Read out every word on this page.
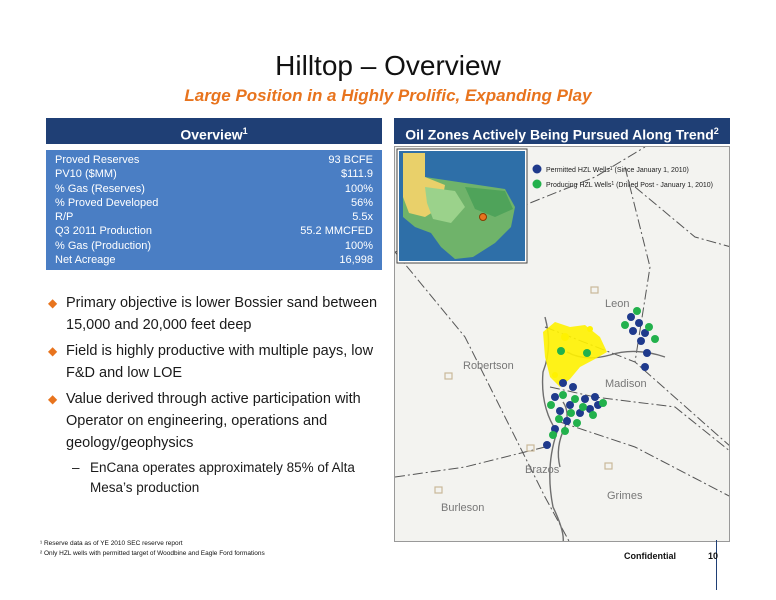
Hilltop – Overview
Large Position in a Highly Prolific, Expanding Play
Overview$^1$	Oil Zones Actively Being Pursued Along Trend$^2$
Proved Reserves	93 BCFE
PV10 ($MM)	$111.9
% Gas (Reserves)	100%
% Proved Developed	56%
R/P	5.5x
Q3 2011 Production	55.2 MMCFED
% Gas (Production)	100%
Net Acreage	16,998
◆ Primary objective is lower Bossier sand between 15,000 and 20,000 feet deep
◆ Field is highly productive with multiple pays, low F&D and low LOE
◆ Value derived through active participation with Operator on engineering, operations and geology/geophysics
– EnCana operates approximately 85% of Alta Mesa’s production
Leon
Robertson
Madison
Brazos
Grimes
Burleson
Permitted HZL Wells$^1$ (Since January 1, 2010)
Producing HZL Wells$^1$ (Drilled Post - January 1, 2010)
¹ Reserve data as of YE 2010 SEC reserve report
² Only HZL wells with permitted target of Woodbine and Eagle Ford formations	Confidential	10
